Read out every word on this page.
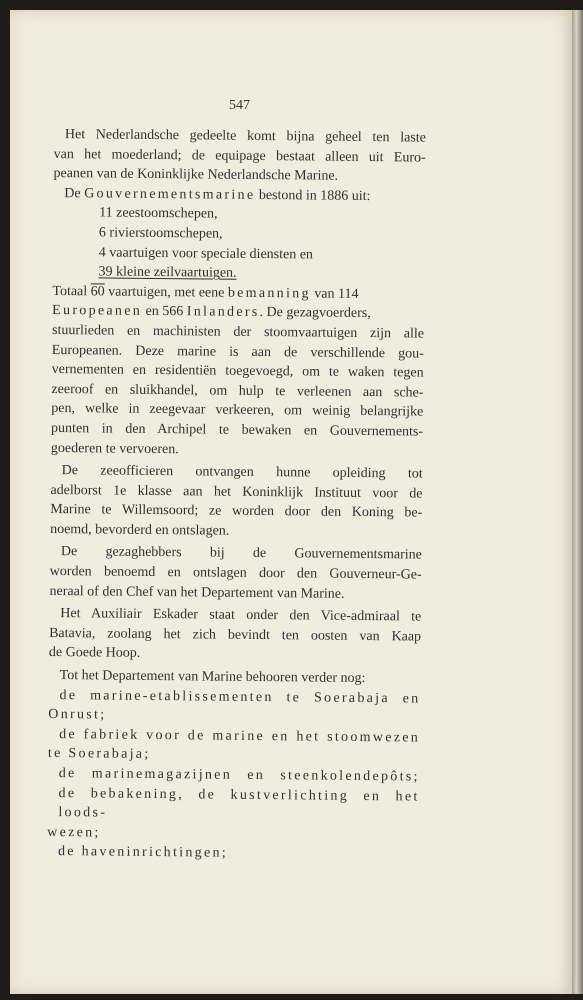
547
Het Nederlandsche gedeelte komt bijna geheel ten laste
van het moederland; de equipage bestaat alleen uit Euro-
peanen van de Koninklijke Nederlandsche Marine.
De Gouvernementsmarine bestond in 1886 uit:
11 zeestoomschepen,
6 rivierstoomschepen,
4 vaartuigen voor speciale diensten en
39 kleine zeilvaartuigen.
Totaal 60 vaartuigen, met eene bemanning van 114
Europeanen en 566 Inlanders. De gezagvoerders,
stuurlieden en machinisten der stoomvaartuigen zijn alle
Europeanen. Deze marine is aan de verschillende gou-
vernementen en residentiën toegevoegd, om te waken tegen
zeeroof en sluikhandel, om hulp te verleenen aan sche-
pen, welke in zeegevaar verkeeren, om weinig belangrijke
punten in den Archipel te bewaken en Gouvernements-
goederen te vervoeren.
De zeeofficieren ontvangen hunne opleiding tot
adelborst 1e klasse aan het Koninklijk Instituut voor de
Marine te Willemsoord; ze worden door den Koning be-
noemd, bevorderd en ontslagen.
De gezaghebbers bij de Gouvernementsmarine
worden benoemd en ontslagen door den Gouverneur-Ge-
neraal of den Chef van het Departement van Marine.
Het Auxiliair Eskader staat onder den Vice-admiraal te
Batavia, zoolang het zich bevindt ten oosten van Kaap
de Goede Hoop.
Tot het Departement van Marine behooren verder nog:
de marine-etablissementen te Soerabaja en
Onrust;
de fabriek voor de marine en het stoomwezen
te Soerabaja;
de marinemagazijnen en steenkolendepôts;
de bebakening, de kustverlichting en het loods-
wezen;
de haveninrichtingen;
